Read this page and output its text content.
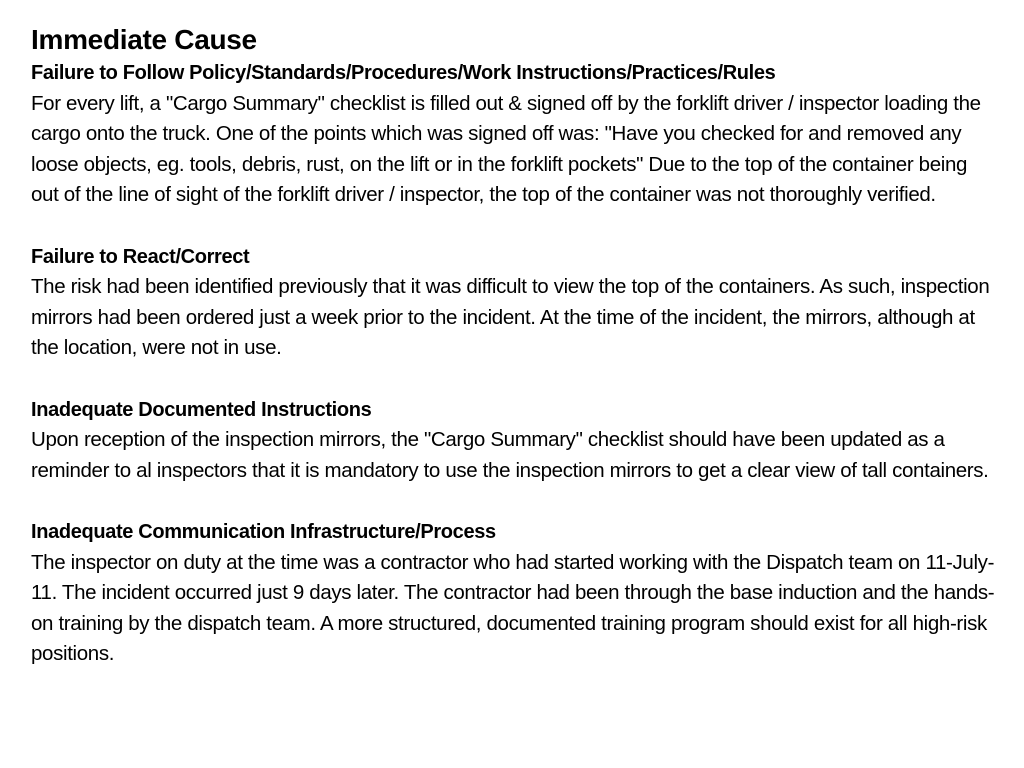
Immediate Cause

Failure to Follow Policy/Standards/Procedures/Work Instructions/Practices/Rules

For every lift, a "Cargo Summary" checklist is filled out & signed off by the forklift driver / inspector loading the cargo onto the truck. One of the points which was signed off was: "Have you checked for and removed any loose objects, eg. tools, debris, rust, on the lift or in the forklift pockets" Due to the top of the container being out of the line of sight of the forklift driver / inspector, the top of the container was not thoroughly verified.

Failure to React/Correct

The risk had been identified previously that it was difficult to view the top of the containers. As such, inspection mirrors had been ordered just a week prior to the incident. At the time of the incident, the mirrors, although at the location, were not in use.

Inadequate Documented Instructions

Upon reception of the inspection mirrors, the "Cargo Summary" checklist should have been updated as a reminder to al inspectors that it is mandatory to use the inspection mirrors to get a clear view of tall containers.

Inadequate Communication Infrastructure/Process

The inspector on duty at the time was a contractor who had started working with the Dispatch team on 11-July-11. The incident occurred just 9 days later. The contractor had been through the base induction and the hands-on training by the dispatch team. A more structured, documented training program should exist for all high-risk positions.
